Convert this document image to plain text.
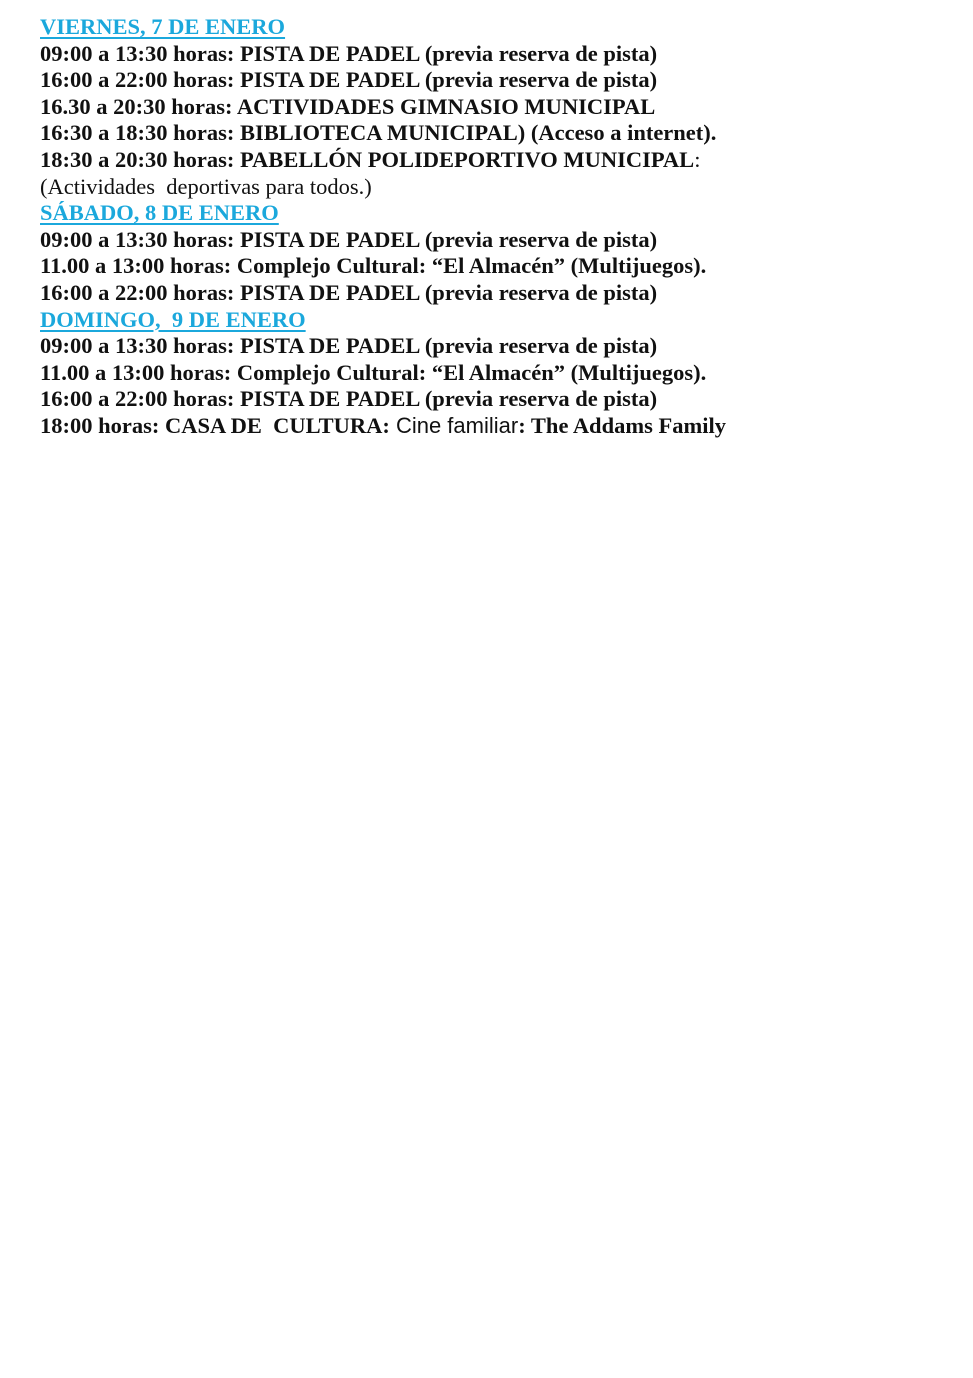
VIERNES, 7 DE ENERO
09:00 a 13:30 horas: PISTA DE PADEL (previa reserva de pista)
16:00 a 22:00 horas: PISTA DE PADEL (previa reserva de pista)
16.30 a 20:30 horas: ACTIVIDADES GIMNASIO MUNICIPAL
16:30 a 18:30 horas: BIBLIOTECA MUNICIPAL) (Acceso a internet).
18:30 a 20:30 horas: PABELLÓN POLIDEPORTIVO MUNICIPAL:
(Actividades  deportivas para todos.)
SÁBADO, 8 DE ENERO
09:00 a 13:30 horas: PISTA DE PADEL (previa reserva de pista)
11.00 a 13:00 horas: Complejo Cultural: “El Almacén” (Multijuegos).
16:00 a 22:00 horas: PISTA DE PADEL (previa reserva de pista)
DOMINGO,  9 DE ENERO
09:00 a 13:30 horas: PISTA DE PADEL (previa reserva de pista)
11.00 a 13:00 horas: Complejo Cultural: “El Almacén” (Multijuegos).
16:00 a 22:00 horas: PISTA DE PADEL (previa reserva de pista)
18:00 horas: CASA DE  CULTURA: Cine familiar: The Addams Family
